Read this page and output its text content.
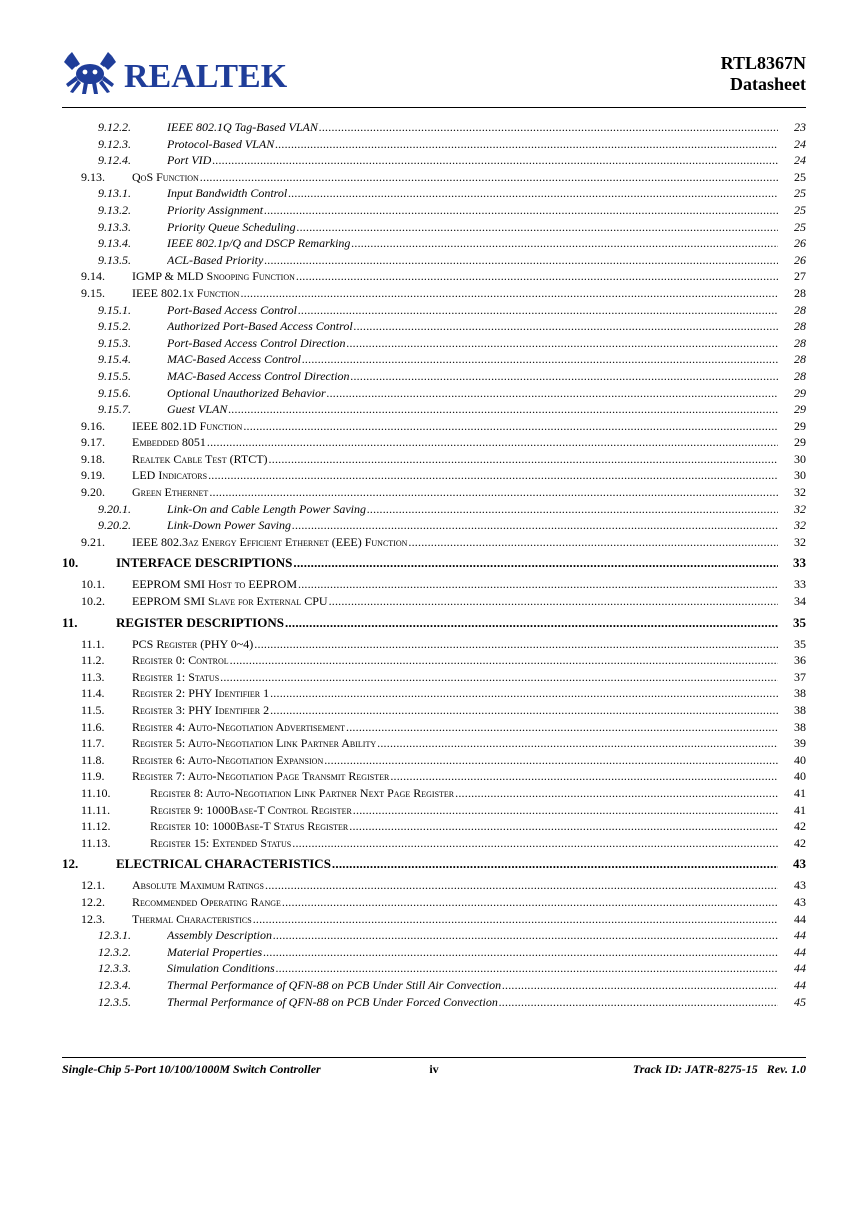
REALTEK	RTL8367N
Datasheet
9.12.2.	IEEE 802.1Q Tag-Based VLAN .....	23
9.12.3.	Protocol-Based VLAN .....	24
9.12.4.	Port VID .....	24
9.13. QoS Function .....	25
9.13.1.	Input Bandwidth Control .....	25
9.13.2.	Priority Assignment .....	25
9.13.3.	Priority Queue Scheduling .....	25
9.13.4.	IEEE 802.1p/Q and DSCP Remarking .....	26
9.13.5.	ACL-Based Priority .....	26
9.14. IGMP & MLD Snooping Function .....	27
9.15. IEEE 802.1x Function .....	28
9.15.1.	Port-Based Access Control .....	28
9.15.2.	Authorized Port-Based Access Control .....	28
9.15.3.	Port-Based Access Control Direction .....	28
9.15.4.	MAC-Based Access Control .....	28
9.15.5.	MAC-Based Access Control Direction .....	28
9.15.6.	Optional Unauthorized Behavior .....	29
9.15.7.	Guest VLAN .....	29
9.16. IEEE 802.1D Function .....	29
9.17. Embedded 8051 .....	29
9.18. Realtek Cable Test (RTCT) .....	30
9.19. LED Indicators .....	30
9.20. Green Ethernet .....	32
9.20.1.	Link-On and Cable Length Power Saving .....	32
9.20.2.	Link-Down Power Saving .....	32
9.21. IEEE 802.3az Energy Efficient Ethernet (EEE) Function .....	32
10.	INTERFACE DESCRIPTIONS .....	33
10.1. EEPROM SMI Host to EEPROM .....	33
10.2. EEPROM SMI Slave for External CPU .....	34
11.	REGISTER DESCRIPTIONS .....	35
11.1. PCS Register (PHY 0~4) .....	35
11.2. Register 0: Control .....	36
11.3. Register 1: Status .....	37
11.4. Register 2: PHY Identifier 1 .....	38
11.5. Register 3: PHY Identifier 2 .....	38
11.6. Register 4: Auto-Negotiation Advertisement .....	38
11.7. Register 5: Auto-Negotiation Link Partner Ability .....	39
11.8. Register 6: Auto-Negotiation Expansion .....	40
11.9. Register 7: Auto-Negotiation Page Transmit Register .....	40
11.10.	Register 8: Auto-Negotiation Link Partner Next Page Register .....	41
11.11.	Register 9: 1000Base-T Control Register .....	41
11.12.	Register 10: 1000Base-T Status Register .....	42
11.13.	Register 15: Extended Status .....	42
12.	ELECTRICAL CHARACTERISTICS .....	43
12.1. Absolute Maximum Ratings .....	43
12.2. Recommended Operating Range .....	43
12.3. Thermal Characteristics .....	44
12.3.1.	Assembly Description .....	44
12.3.2.	Material Properties .....	44
12.3.3.	Simulation Conditions .....	44
12.3.4.	Thermal Performance of QFN-88 on PCB Under Still Air Convection .....	44
12.3.5.	Thermal Performance of QFN-88 on PCB Under Forced Convection .....	45
Single-Chip 5-Port 10/100/1000M Switch Controller	iv	Track ID: JATR-8275-15   Rev. 1.0
